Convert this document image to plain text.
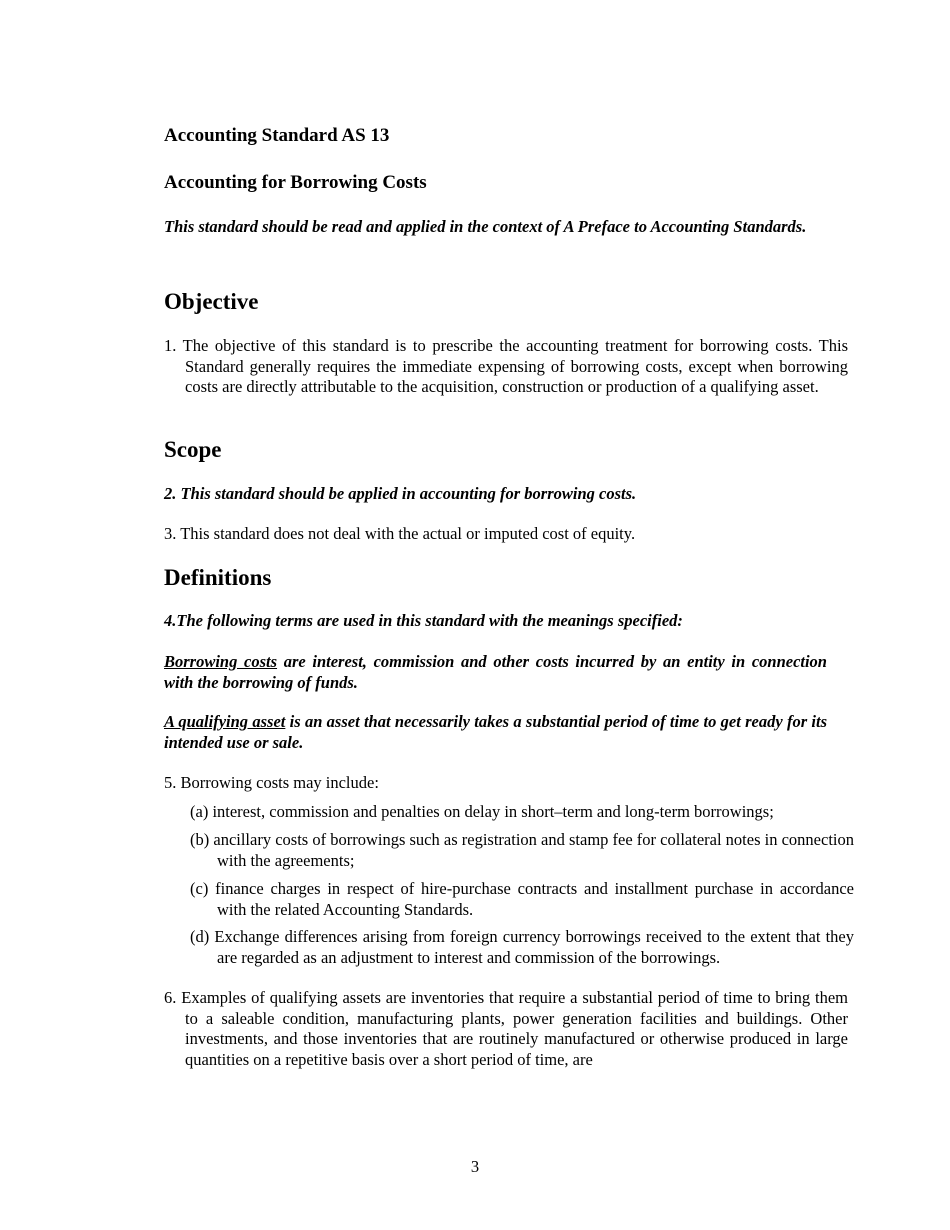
Accounting Standard AS 13
Accounting for Borrowing Costs

This standard should be read and applied in the context of A Preface to Accounting Standards.

Objective

1. The objective of this standard is to prescribe the accounting treatment for borrowing costs. This Standard generally requires the immediate expensing of borrowing costs, except when borrowing costs are directly attributable to the acquisition, construction or production of a qualifying asset.

Scope

2. This standard should be applied in accounting for borrowing costs.

3. This standard does not deal with the actual or imputed cost of equity.

Definitions

4.The following terms are used in this standard with the meanings specified:

Borrowing costs are interest, commission and other costs incurred by an entity in connection with the borrowing of funds.

A qualifying asset is an asset that necessarily takes a substantial period of time to get ready for its intended use or sale.

5. Borrowing costs may include:

(a) interest, commission and penalties on delay in short–term and long-term borrowings;

(b) ancillary costs of borrowings such as registration and stamp fee for collateral notes in connection with the agreements;

(c) finance charges in respect of hire-purchase contracts and installment purchase in accordance with the related Accounting Standards.

(d) Exchange differences arising from foreign currency borrowings received to the extent that they are regarded as an adjustment to interest and commission of the borrowings.

6. Examples of qualifying assets are inventories that require a substantial period of time to bring them to a saleable condition, manufacturing plants, power generation facilities and buildings. Other investments, and those inventories that are routinely manufactured or otherwise produced in large quantities on a repetitive basis over a short period of time, are

3
